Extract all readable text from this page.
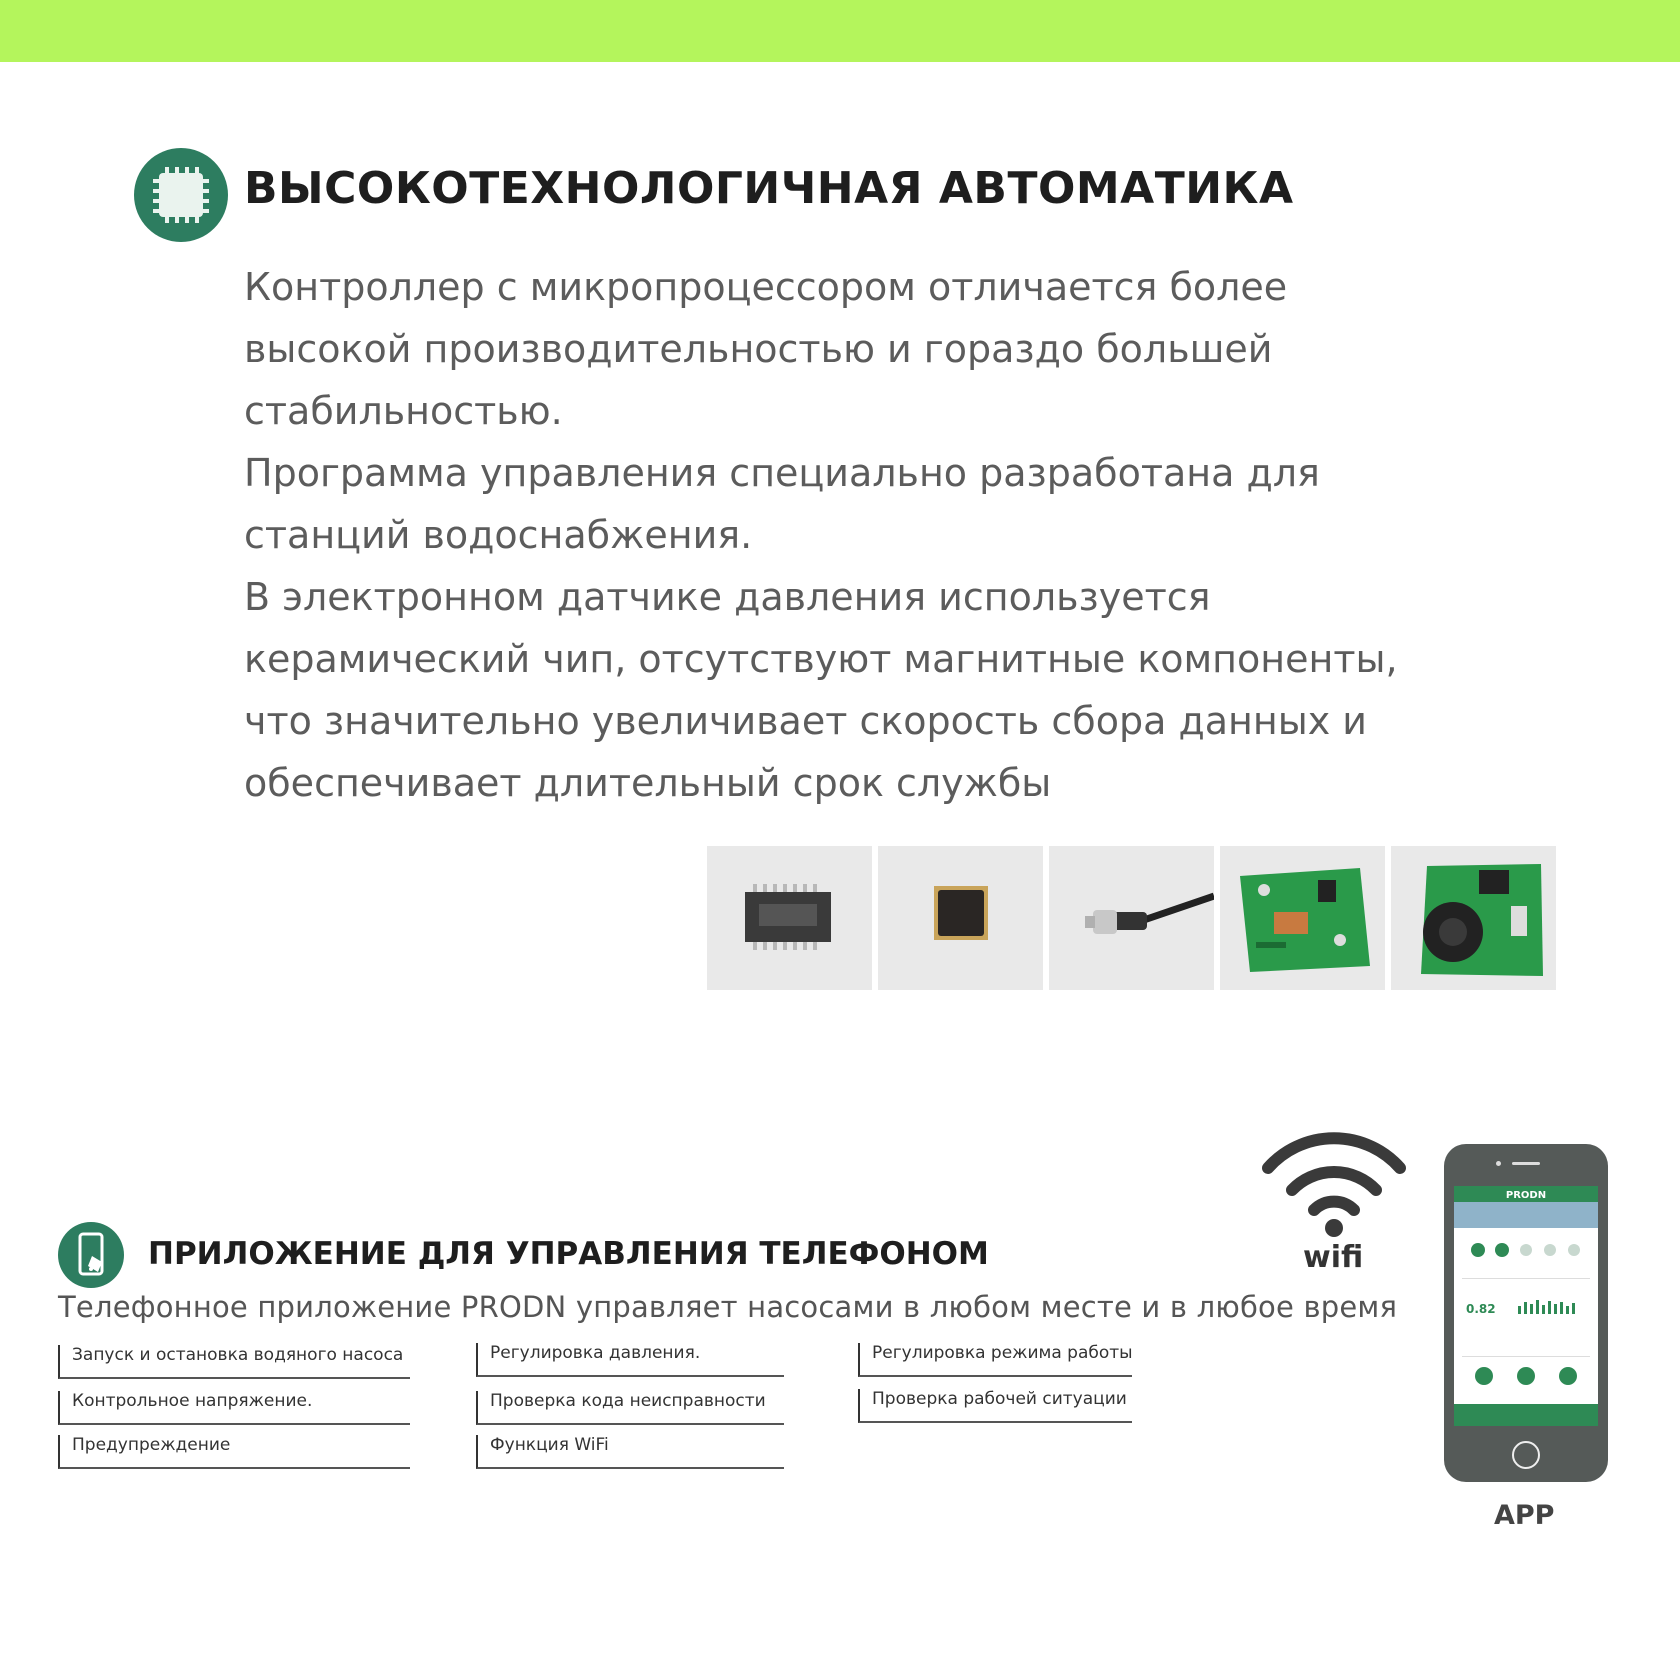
ВЫСОКОТЕХНОЛОГИЧНАЯ АВТОМАТИКА
Контроллер с микропроцессором отличается более
высокой производительностью и гораздо большей
стабильностью.
Программа управления специально разработана для
станций водоснабжения.
В электронном датчике давления используется
керамический чип, отсутствуют магнитные компоненты,
что значительно увеличивает скорость сбора данных и
обеспечивает длительный срок службы
ПРИЛОЖЕНИЕ ДЛЯ УПРАВЛЕНИЯ ТЕЛЕФОНОМ

Телефонное приложение PRODN управляет насосами в любом месте и в любое время

Запуск и остановка водяного насоса	Регулировка давления.	Регулировка режима работы
Контрольное напряжение.	Проверка кода неисправности	Проверка рабочей ситуации
Предупреждение	Функция WiFi

wifi

PRODN
0.82

APP
